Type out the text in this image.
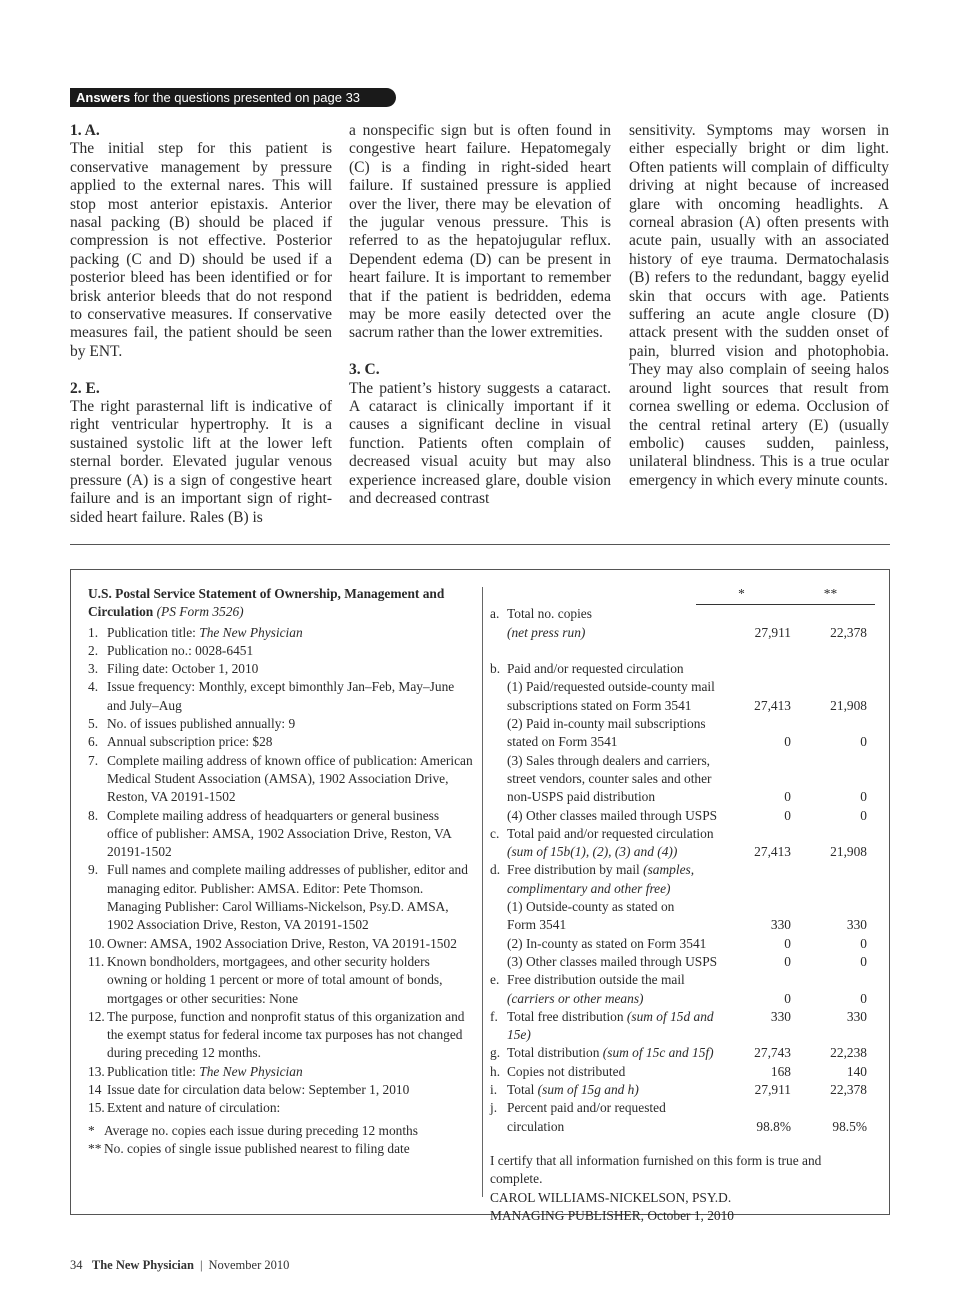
Answers for the questions presented on page 33
1. A.

The initial step for this patient is conservative management by pressure applied to the external nares. This will stop most anterior epistaxis. Anterior nasal packing (B) should be placed if compression is not effective. Posterior packing (C and D) should be used if a posterior bleed has been identified or for brisk anterior bleeds that do not respond to conservative measures. If conservative measures fail, the patient should be seen by ENT.

2. E.

The right parasternal lift is indicative of right ventricular hypertrophy. It is a sustained systolic lift at the lower left sternal border. Elevated jugular venous pressure (A) is a sign of congestive heart failure and is an important sign of right-sided heart failure. Rales (B) is

a nonspecific sign but is often found in congestive heart failure. Hepatomegaly (C) is a finding in right-sided heart failure. If sustained pressure is applied over the liver, there may be elevation of the jugular venous pressure. This is referred to as the hepatojugular reflux. Dependent edema (D) can be present in heart failure. It is important to remember that if the patient is bedridden, edema may be more easily detected over the sacrum rather than the lower extremities.

3. C.

The patient’s history suggests a cataract. A cataract is clinically important if it causes a significant decline in visual function. Patients often complain of decreased visual acuity but may also experience increased glare, double vision and decreased contrast

sensitivity. Symptoms may worsen in either especially bright or dim light. Often patients will complain of difficulty driving at night because of increased glare with oncoming headlights. A corneal abrasion (A) often presents with acute pain, usually with an associated history of eye trauma. Dermatochalasis (B) refers to the redundant, baggy eyelid skin that occurs with age. Patients suffering an acute angle closure (D) attack present with the sudden onset of pain, blurred vision and photophobia. They may also complain of seeing halos around light sources that result from cornea swelling or edema. Occlusion of the central retinal artery (E) (usually embolic) causes sudden, painless, unilateral blindness. This is a true ocular emergency in which every minute counts.

U.S. Postal Service Statement of Ownership, Management and Circulation (PS Form 3526)
1. Publication title: The New Physician
2. Publication no.: 0028-6451
3. Filing date: October 1, 2010
4. Issue frequency: Monthly, except bimonthly Jan–Feb, May–June and July–Aug
5. No. of issues published annually: 9
6. Annual subscription price: $28
7. Complete mailing address of known office of publication: American Medical Student Association (AMSA), 1902 Association Drive, Reston, VA 20191-1502
8. Complete mailing address of headquarters or general business office of publisher: AMSA, 1902 Association Drive, Reston, VA 20191-1502
9. Full names and complete mailing addresses of publisher, editor and managing editor. Publisher: AMSA. Editor: Pete Thomson. Managing Publisher: Carol Williams-Nickelson, Psy.D. AMSA, 1902 Association Drive, Reston, VA 20191-1502
10. Owner: AMSA, 1902 Association Drive, Reston, VA 20191-1502
11. Known bondholders, mortgagees, and other security holders owning or holding 1 percent or more of total amount of bonds, mortgages or other securities: None
12. The purpose, function and nonprofit status of this organization and the exempt status for federal income tax purposes has not changed during preceding 12 months.
13. Publication title: The New Physician
14 Issue date for circulation data below: September 1, 2010
15. Extent and nature of circulation:
* Average no. copies each issue during preceding 12 months
** No. copies of single issue published nearest to filing date
*	**
a. Total no. copies
(net press run)	27,911	22,378

b. Paid and/or requested circulation
(1) Paid/requested outside-county mail
subscriptions stated on Form 3541	27,413	21,908
(2) Paid in-county mail subscriptions
stated on Form 3541	0	0
(3) Sales through dealers and carriers,
street vendors, counter sales and other
non-USPS paid distribution	0	0
(4) Other classes mailed through USPS	0	0
c. Total paid and/or requested circulation
(sum of 15b(1), (2), (3) and (4))	27,413	21,908
d. Free distribution by mail (samples, complimentary and other free)
(1) Outside-county as stated on
Form 3541	330	330
(2) In-county as stated on Form 3541	0	0
(3) Other classes mailed through USPS	0	0
e. Free distribution outside the mail
(carriers or other means)	0	0
f. Total free distribution (sum of 15d and 15e)
330	330
g. Total distribution (sum of 15c and 15f)	27,743	22,238
h. Copies not distributed	168	140
i. Total (sum of 15g and h)	27,911	22,378
j. Percent paid and/or requested
circulation	98.8%	98.5%

I certify that all information furnished on this form is true and complete.

CAROL WILLIAMS-NICKELSON, PSY.D.

MANAGING PUBLISHER, October 1, 2010

34 The New Physician | November 2010
